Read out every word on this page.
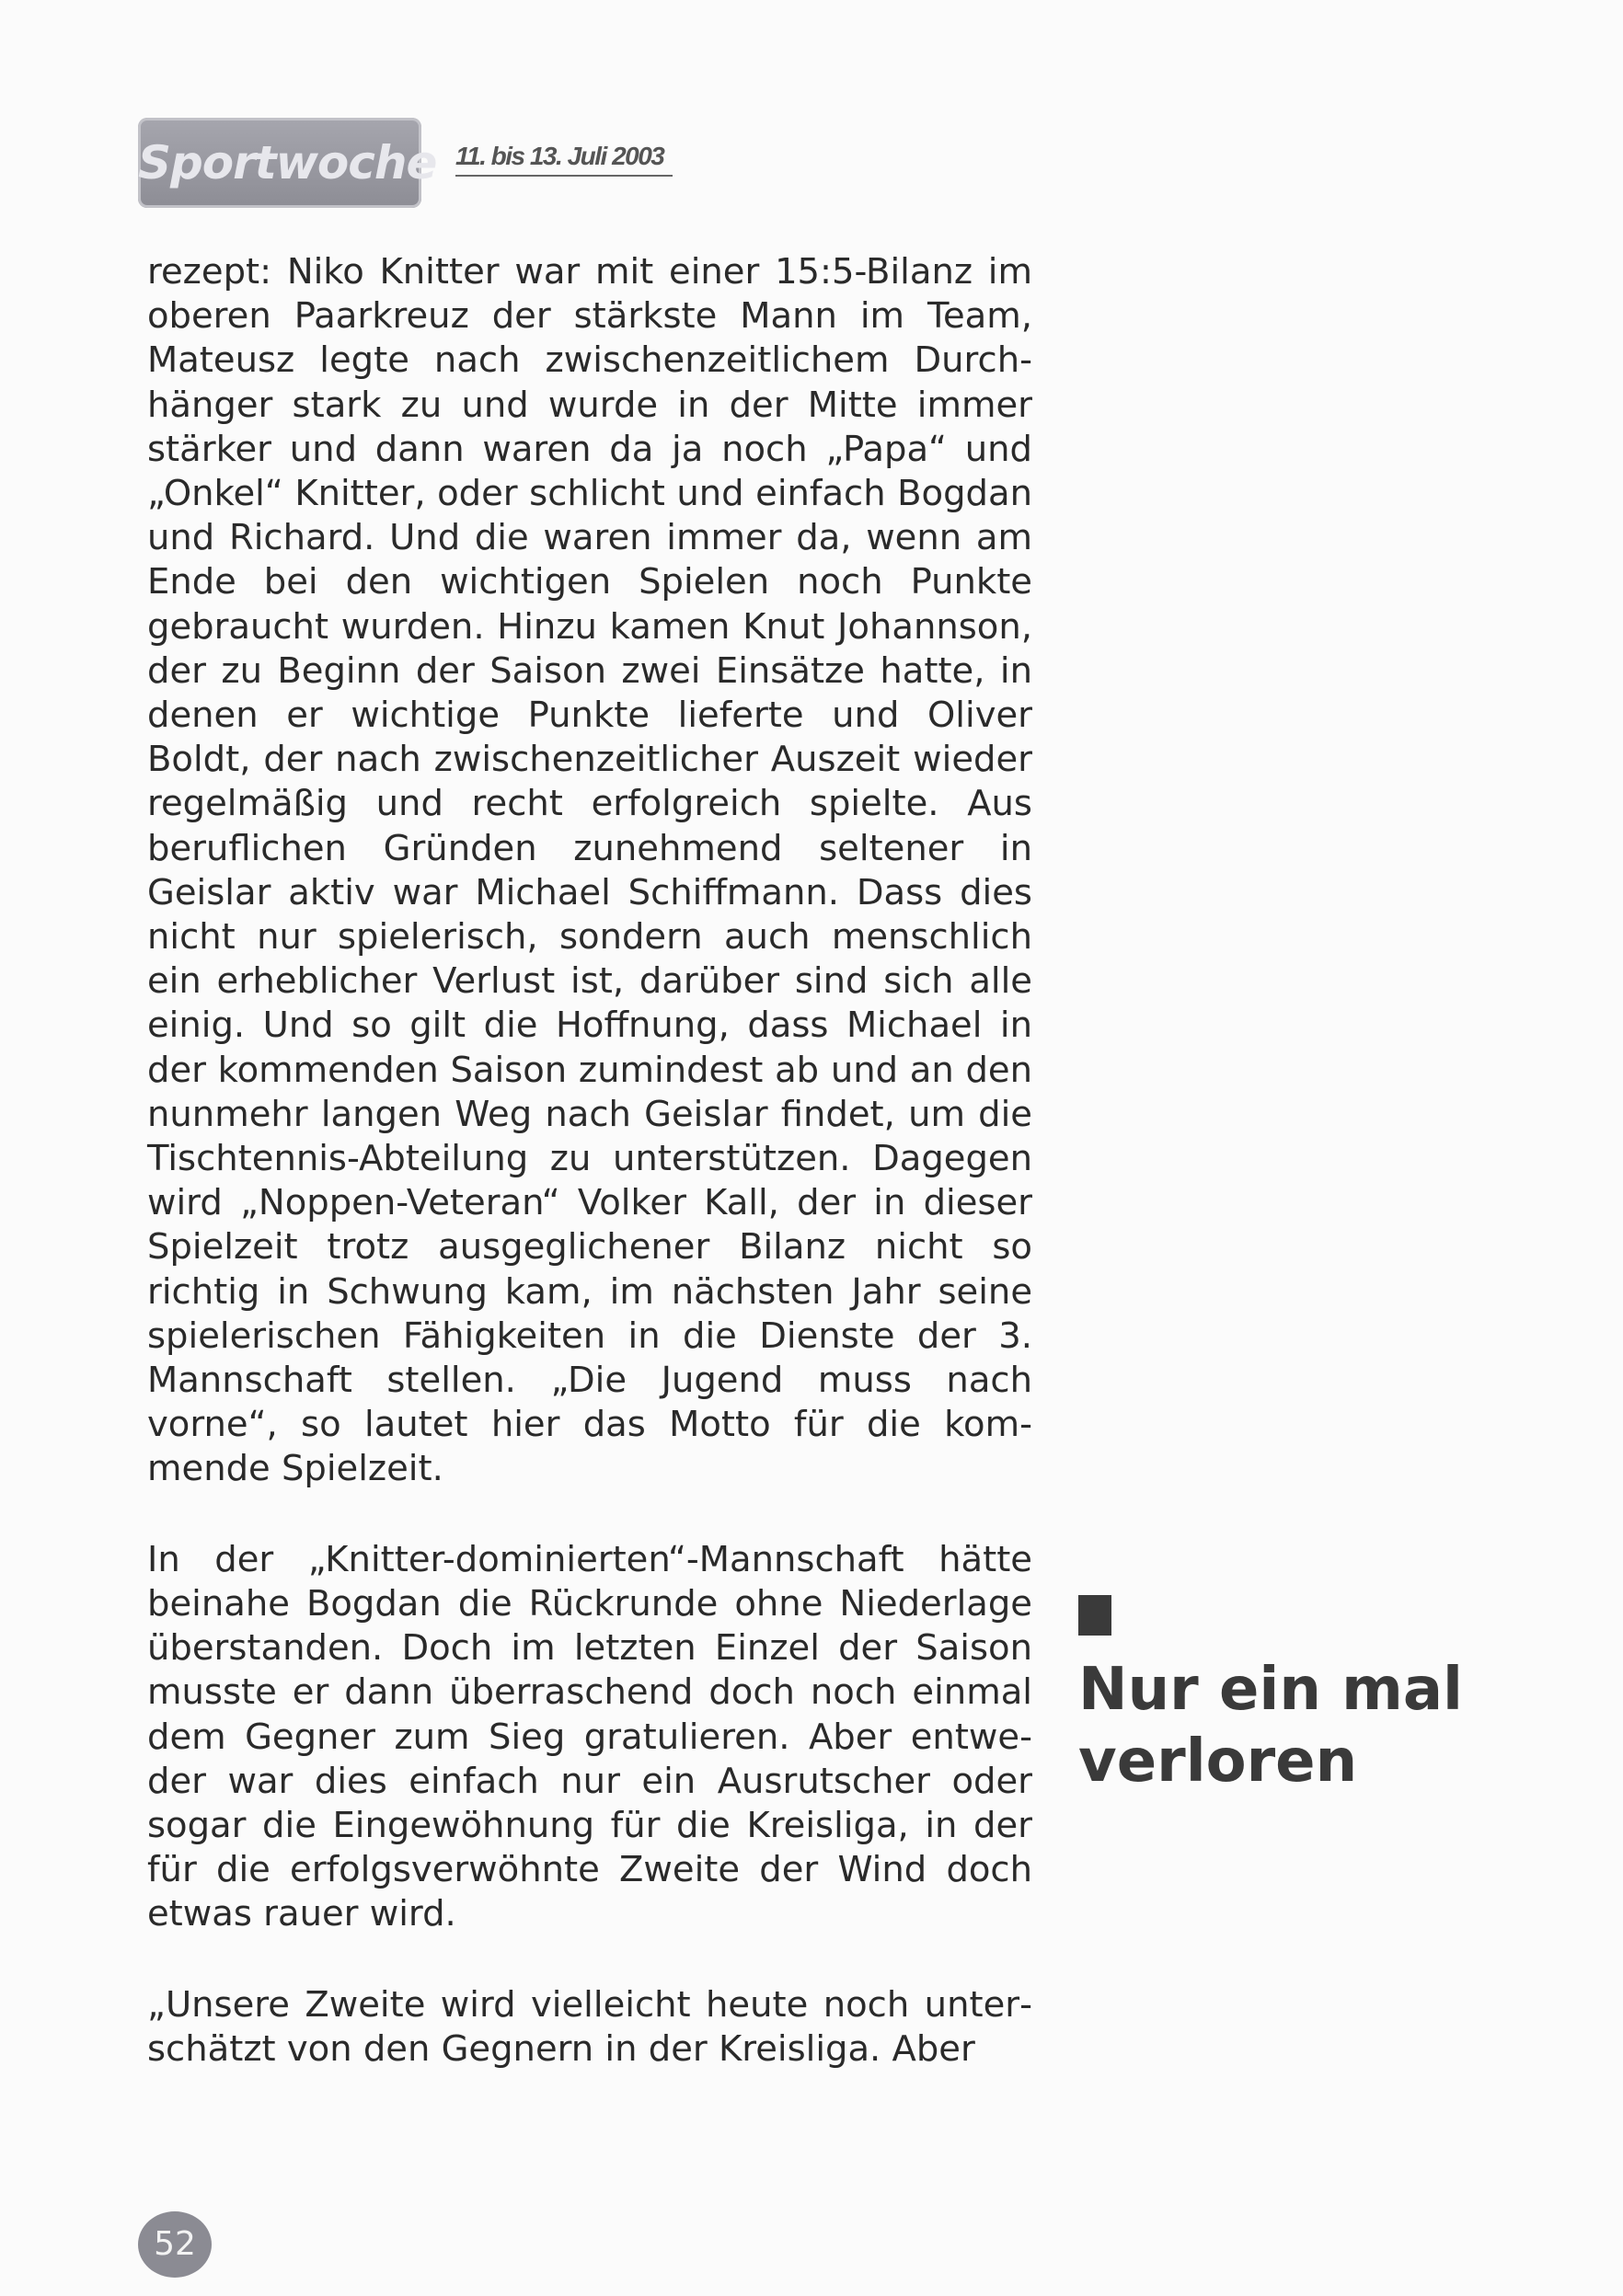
Sportwoche 11. bis 13. Juli 2003

rezept: Niko Knitter war mit einer 15:5-Bilanz im oberen Paarkreuz der stärkste Mann im Team, Mateusz legte nach zwischenzeitlichem Durchhänger stark zu und wurde in der Mitte immer stärker und dann waren da ja noch „Papa“ und „Onkel“ Knitter, oder schlicht und einfach Bogdan und Richard. Und die waren immer da, wenn am Ende bei den wichtigen Spielen noch Punkte gebraucht wurden. Hinzu kamen Knut Johannson, der zu Beginn der Saison zwei Einsätze hatte, in denen er wichtige Punkte lieferte und Oliver Boldt, der nach zwischenzeitlicher Auszeit wieder regelmäßig und recht erfolgreich spielte. Aus beruflichen Gründen zunehmend seltener in Geislar aktiv war Michael Schiffmann. Dass dies nicht nur spielerisch, sondern auch menschlich ein erheblicher Verlust ist, darüber sind sich alle einig. Und so gilt die Hoffnung, dass Michael in der kommenden Saison zumindest ab und an den nunmehr langen Weg nach Geislar findet, um die Tischtennis-Abteilung zu unterstützen. Dagegen wird „Noppen-Veteran“ Volker Kall, der in dieser Spielzeit trotz ausgeglichener Bilanz nicht so richtig in Schwung kam, im nächsten Jahr seine spielerischen Fähigkeiten in die Dienste der 3. Mannschaft stellen. „Die Jugend muss nach vorne“, so lautet hier das Motto für die kommende Spielzeit.

In der „Knitter-dominierten“-Mannschaft hätte beinahe Bogdan die Rückrunde ohne Niederlage überstanden. Doch im letzten Einzel der Saison musste er dann überraschend doch noch einmal dem Gegner zum Sieg gratulieren. Aber entweder war dies einfach nur ein Ausrutscher oder sogar die Eingewöhnung für die Kreisliga, in der für die erfolgsverwöhnte Zweite der Wind doch etwas rauer wird.

„Unsere Zweite wird vielleicht heute noch unterschätzt von den Gegnern in der Kreisliga. Aber

Nur ein mal

verloren

52
